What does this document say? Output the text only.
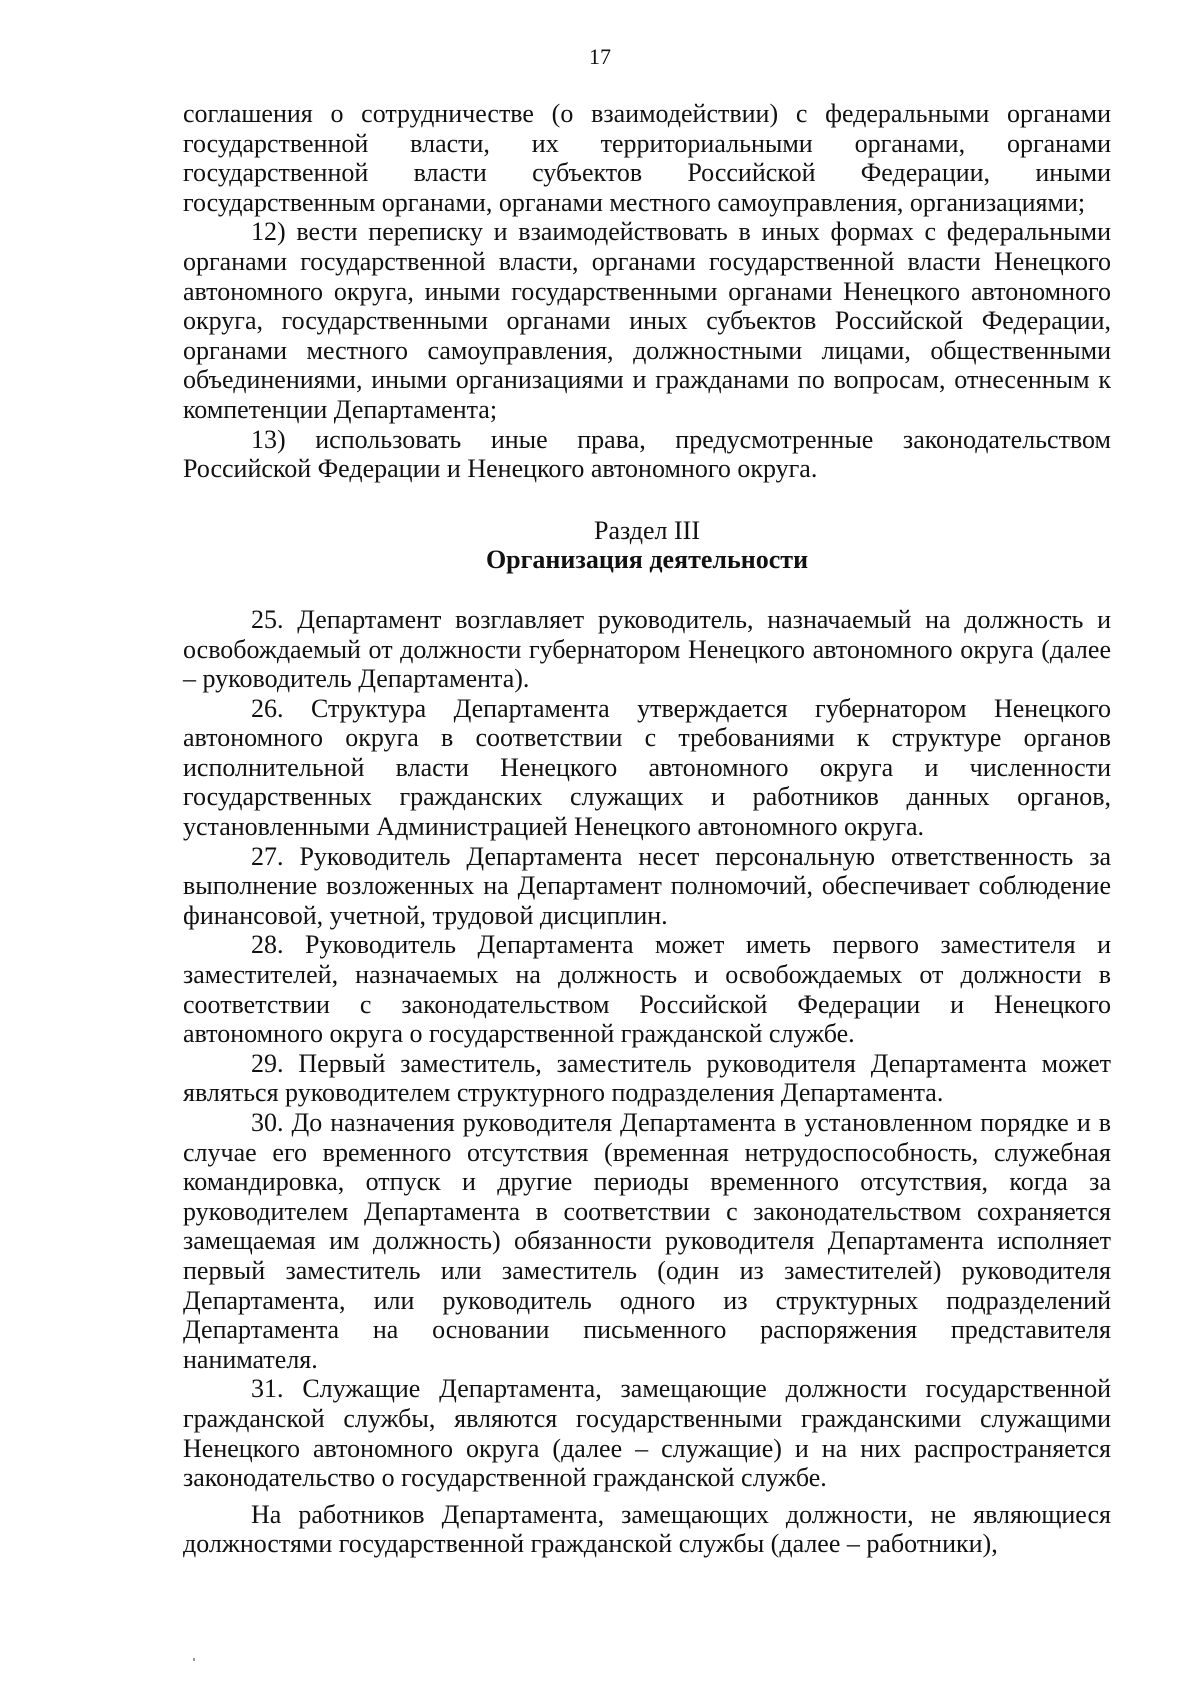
17

соглашения о сотрудничестве (о взаимодействии) с федеральными органами государственной власти, их территориальными органами, органами государственной власти субъектов Российской Федерации, иными государственным органами, органами местного самоуправления, организациями;

12) вести переписку и взаимодействовать в иных формах с федеральными органами государственной власти, органами государственной власти Ненецкого автономного округа, иными государственными органами Ненецкого автономного округа, государственными органами иных субъектов Российской Федерации, органами местного самоуправления, должностными лицами, общественными объединениями, иными организациями и гражданами по вопросам, отнесенным к компетенции Департамента;

13) использовать иные права, предусмотренные законодательством Российской Федерации и Ненецкого автономного округа.

Раздел III
Организация деятельности

25. Департамент возглавляет руководитель, назначаемый на должность и освобождаемый от должности губернатором Ненецкого автономного округа (далее – руководитель Департамента).

26. Структура Департамента утверждается губернатором Ненецкого автономного округа в соответствии с требованиями к структуре органов исполнительной власти Ненецкого автономного округа и численности государственных гражданских служащих и работников данных органов, установленными Администрацией Ненецкого автономного округа.

27. Руководитель Департамента несет персональную ответственность за выполнение возложенных на Департамент полномочий, обеспечивает соблюдение финансовой, учетной, трудовой дисциплин.

28. Руководитель Департамента может иметь первого заместителя и заместителей, назначаемых на должность и освобождаемых от должности в соответствии с законодательством Российской Федерации и Ненецкого автономного округа о государственной гражданской службе.

29. Первый заместитель, заместитель руководителя Департамента может являться руководителем структурного подразделения Департамента.

30. До назначения руководителя Департамента в установленном порядке и в случае его временного отсутствия (временная нетрудоспособность, служебная командировка, отпуск и другие периоды временного отсутствия, когда за руководителем Департамента в соответствии с законодательством сохраняется замещаемая им должность) обязанности руководителя Департамента исполняет первый заместитель или заместитель (один из заместителей) руководителя Департамента, или руководитель одного из структурных подразделений Департамента на основании письменного распоряжения представителя нанимателя.

31. Служащие Департамента, замещающие должности государственной гражданской службы, являются государственными гражданскими служащими Ненецкого автономного округа (далее – служащие) и на них распространяется законодательство о государственной гражданской службе.

На работников Департамента, замещающих должности, не являющиеся должностями государственной гражданской службы (далее – работники),
